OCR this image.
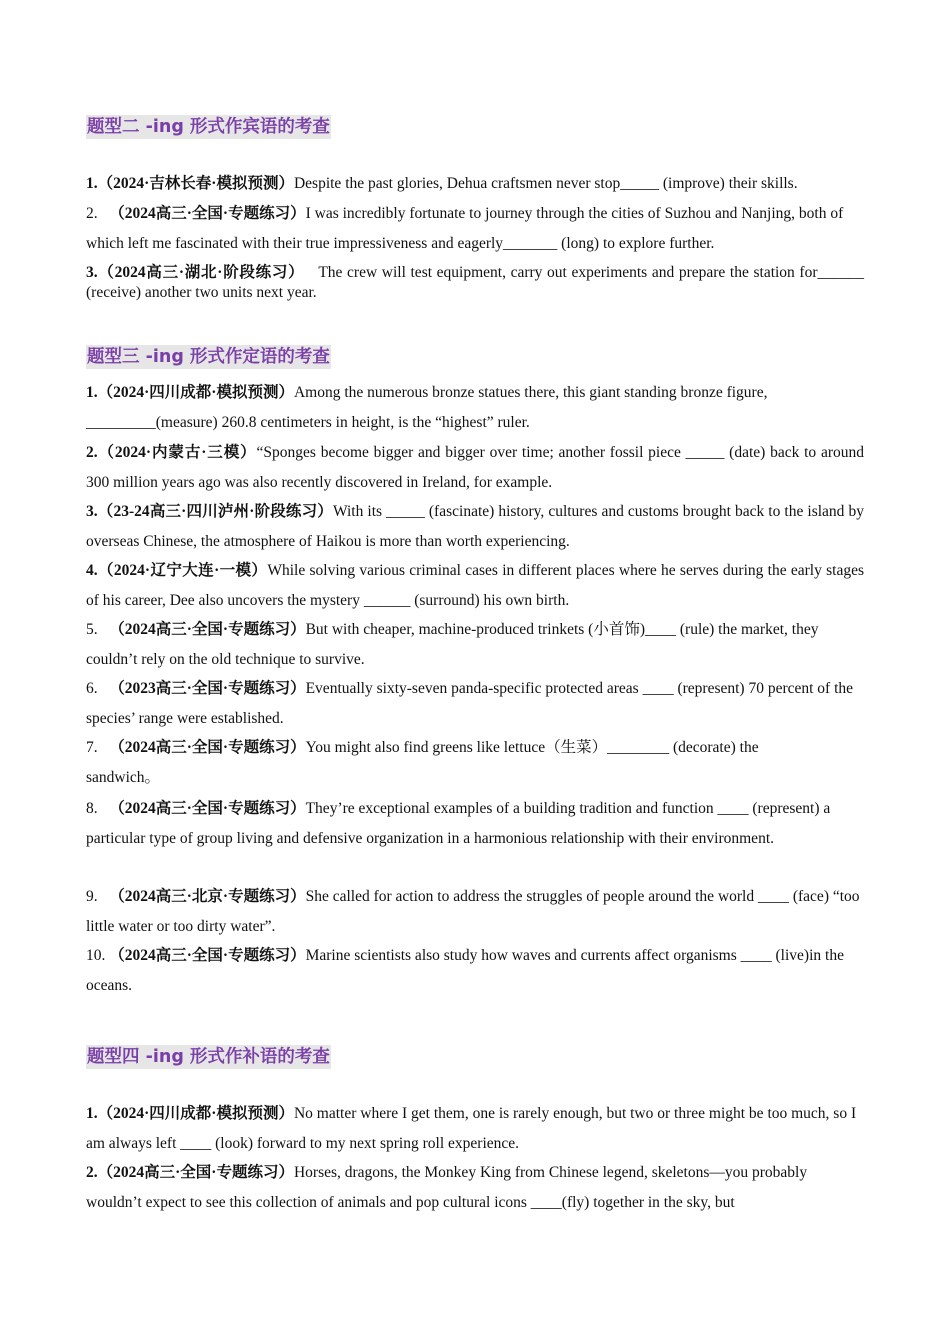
题型二 -ing 形式作宾语的考查
1.（2024·吉林长春·模拟预测）Despite the past glories, Dehua craftsmen never stop_____ (improve) their skills.
2. （2024高三·全国·专题练习）I was incredibly fortunate to journey through the cities of Suzhou and Nanjing, both of which left me fascinated with their true impressiveness and eagerly_______ (long) to explore further.
3.（2024高三·湖北·阶段练习） The crew will test equipment, carry out experiments and prepare the station for______ (receive) another two units next year.
题型三 -ing 形式作定语的考查
1.（2024·四川成都·模拟预测）Among the numerous bronze statues there, this giant standing bronze figure, _________(measure) 260.8 centimeters in height, is the “highest” ruler.
2.（2024·内蒙古·三模）“Sponges become bigger and bigger over time; another fossil piece _____ (date) back to around 300 million years ago was also recently discovered in Ireland, for example.
3.（23-24高三·四川泸州·阶段练习）With its _____ (fascinate) history, cultures and customs brought back to the island by overseas Chinese, the atmosphere of Haikou is more than worth experiencing.
4.（2024·辽宁大连·一模）While solving various criminal cases in different places where he serves during the early stages of his career, Dee also uncovers the mystery ______ (surround) his own birth.
5. （2024高三·全国·专题练习）But with cheaper, machine-produced trinkets (小首饰)____ (rule) the market, they couldn’t rely on the old technique to survive.
6. （2023高三·全国·专题练习）Eventually sixty-seven panda-specific protected areas ____ (represent) 70 percent of the species’ range were established.
7. （2024高三·全国·专题练习）You might also find greens like lettuce（生菜）________ (decorate) the sandwich。
8. （2024高三·全国·专题练习）They’re exceptional examples of a building tradition and function ____ (represent) a particular type of group living and defensive organization in a harmonious relationship with their environment.
9. （2024高三·北京·专题练习）She called for action to address the struggles of people around the world ____ (face) “too little water or too dirty water”.
10. （2024高三·全国·专题练习）Marine scientists also study how waves and currents affect organisms ____ (live)in the oceans.
题型四 -ing 形式作补语的考查
1.（2024·四川成都·模拟预测）No matter where I get them, one is rarely enough, but two or three might be too much, so I am always left ____ (look) forward to my next spring roll experience.
2.（2024高三·全国·专题练习）Horses, dragons, the Monkey King from Chinese legend, skeletons—you probably wouldn’t expect to see this collection of animals and pop cultural icons ____(fly) together in the sky, but
